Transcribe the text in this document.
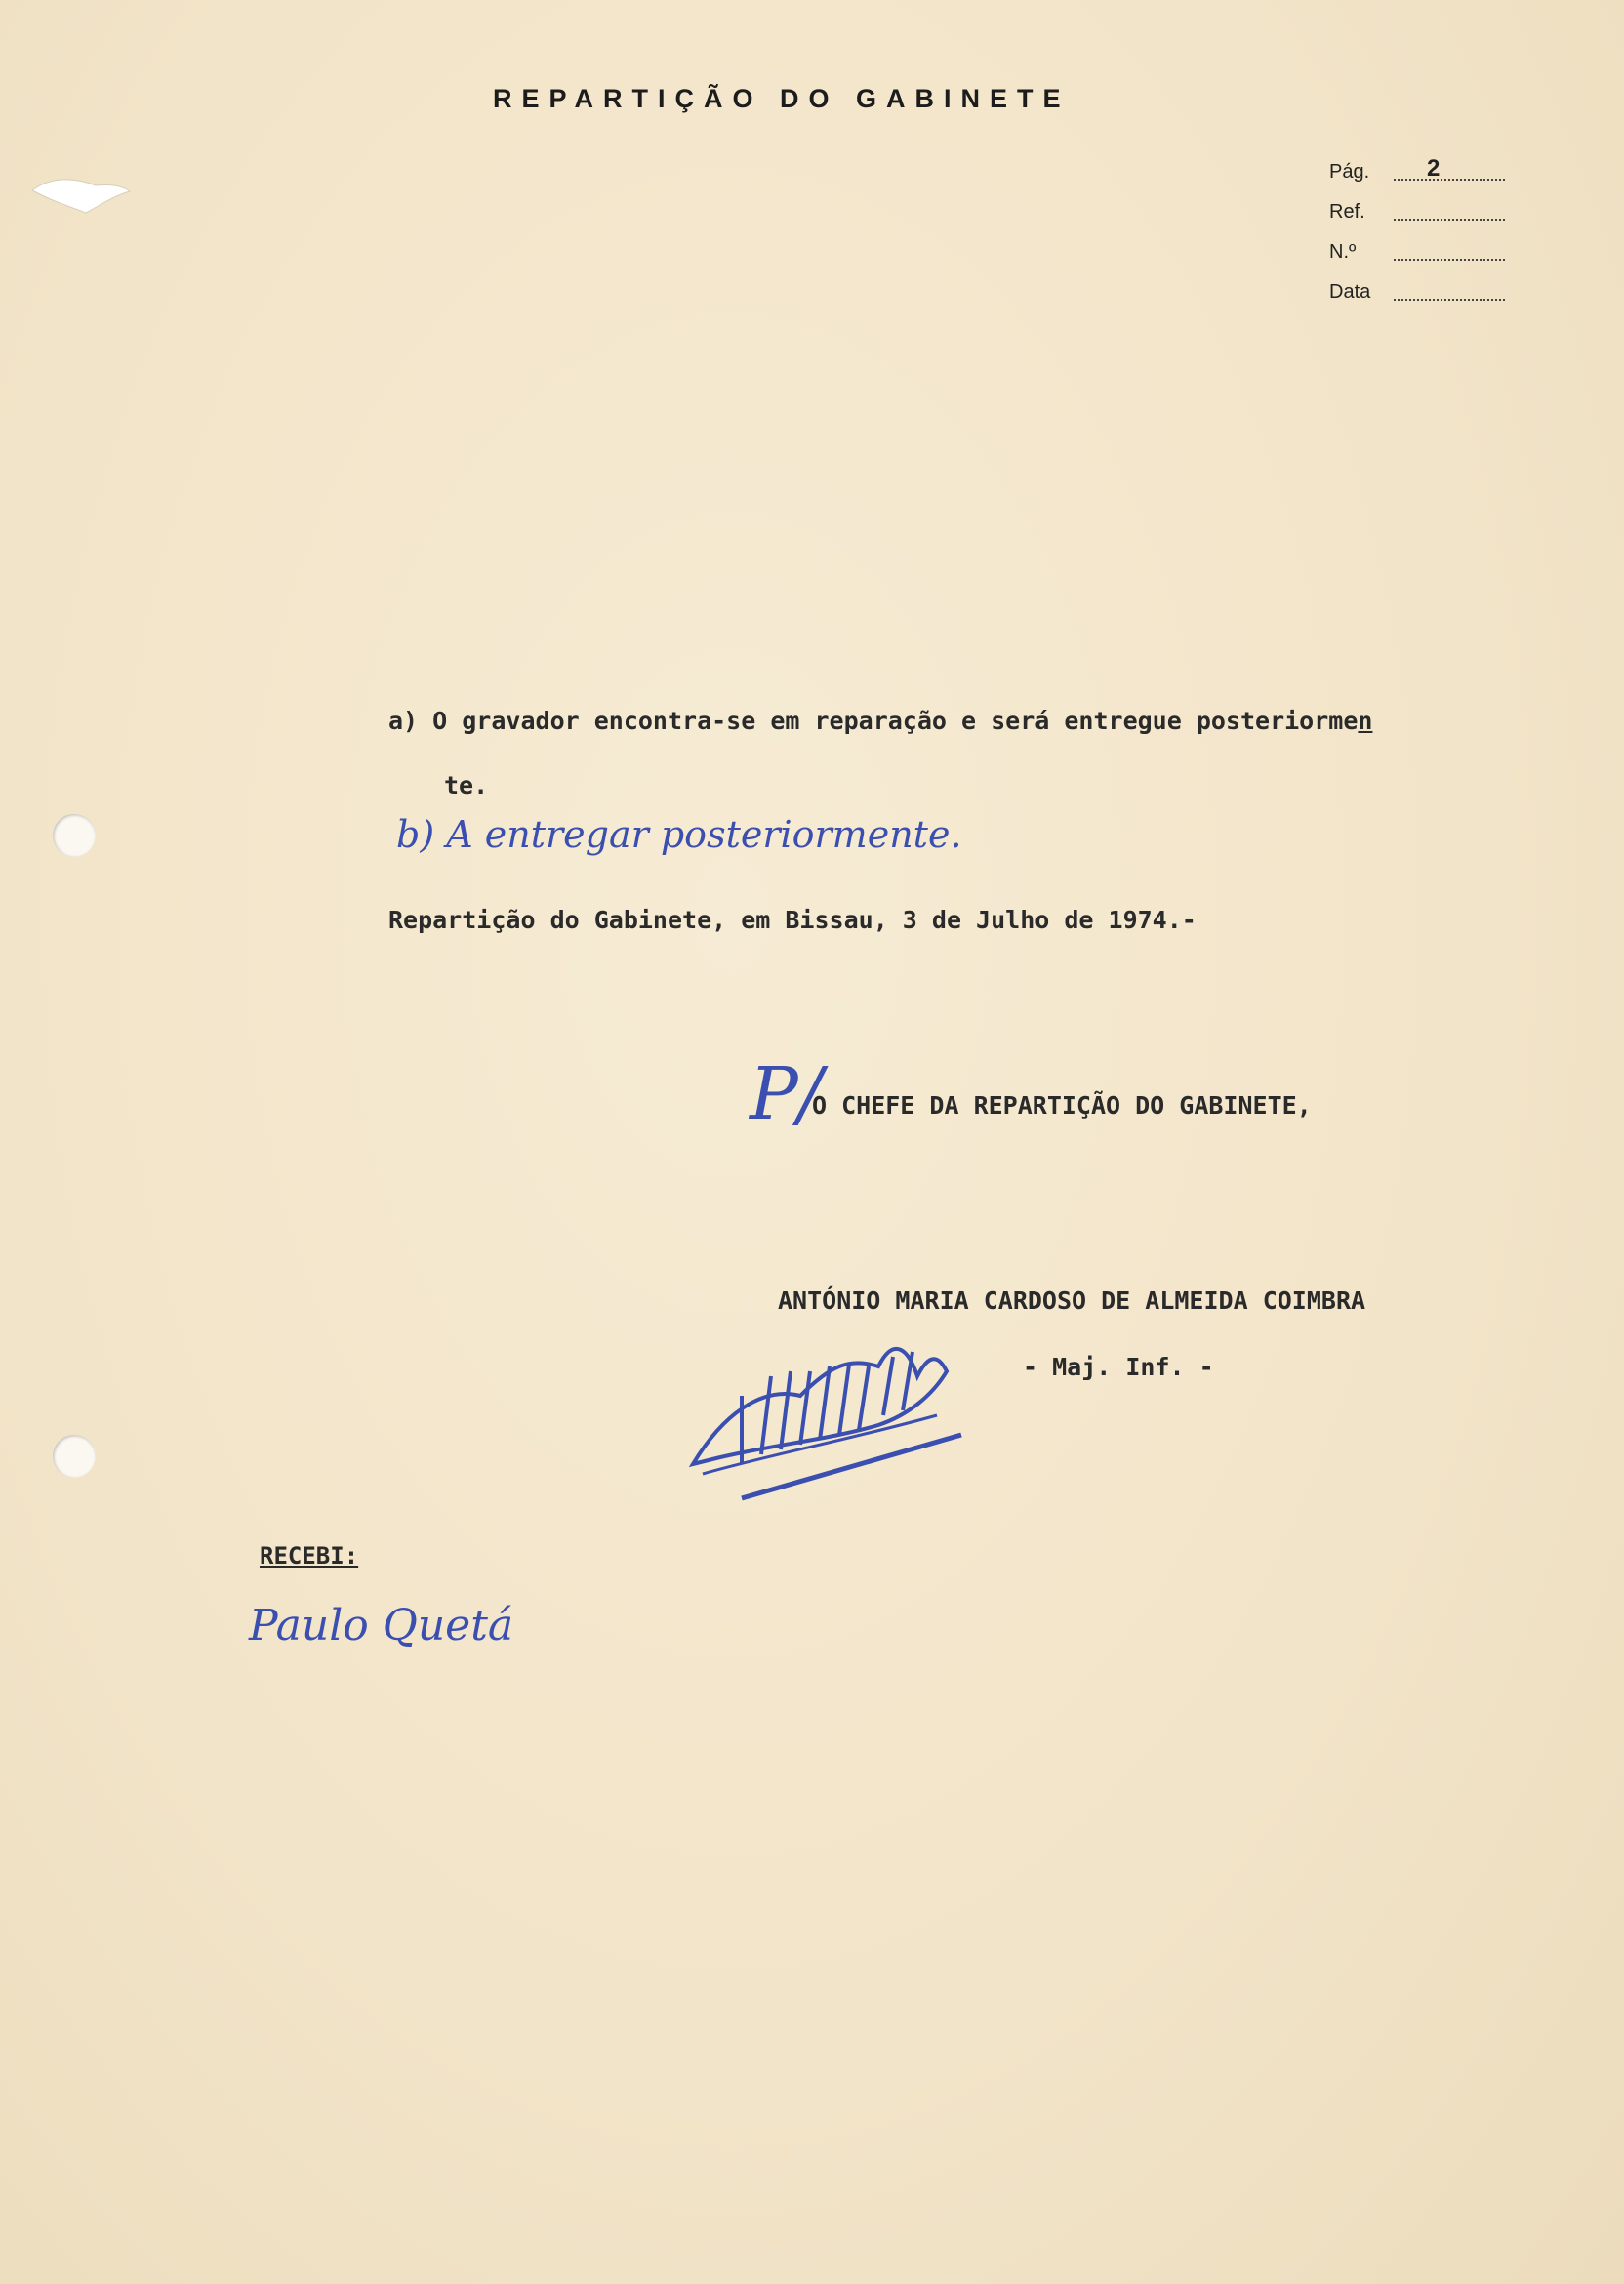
REPARTIÇÃO DO GABINETE
Pág. 2
Ref.
N.º
Data
a) O gravador encontra-se em reparação e será entregue posteriormen
te.
b) A entregar posteriormente.
Repartição do Gabinete, em Bissau, 3 de Julho de 1974.-
P/
O CHEFE DA REPARTIÇÃO DO GABINETE,
ANTÓNIO MARIA CARDOSO DE ALMEIDA COIMBRA
- Maj. Inf. -
RECEBI:
Paulo Quetá
